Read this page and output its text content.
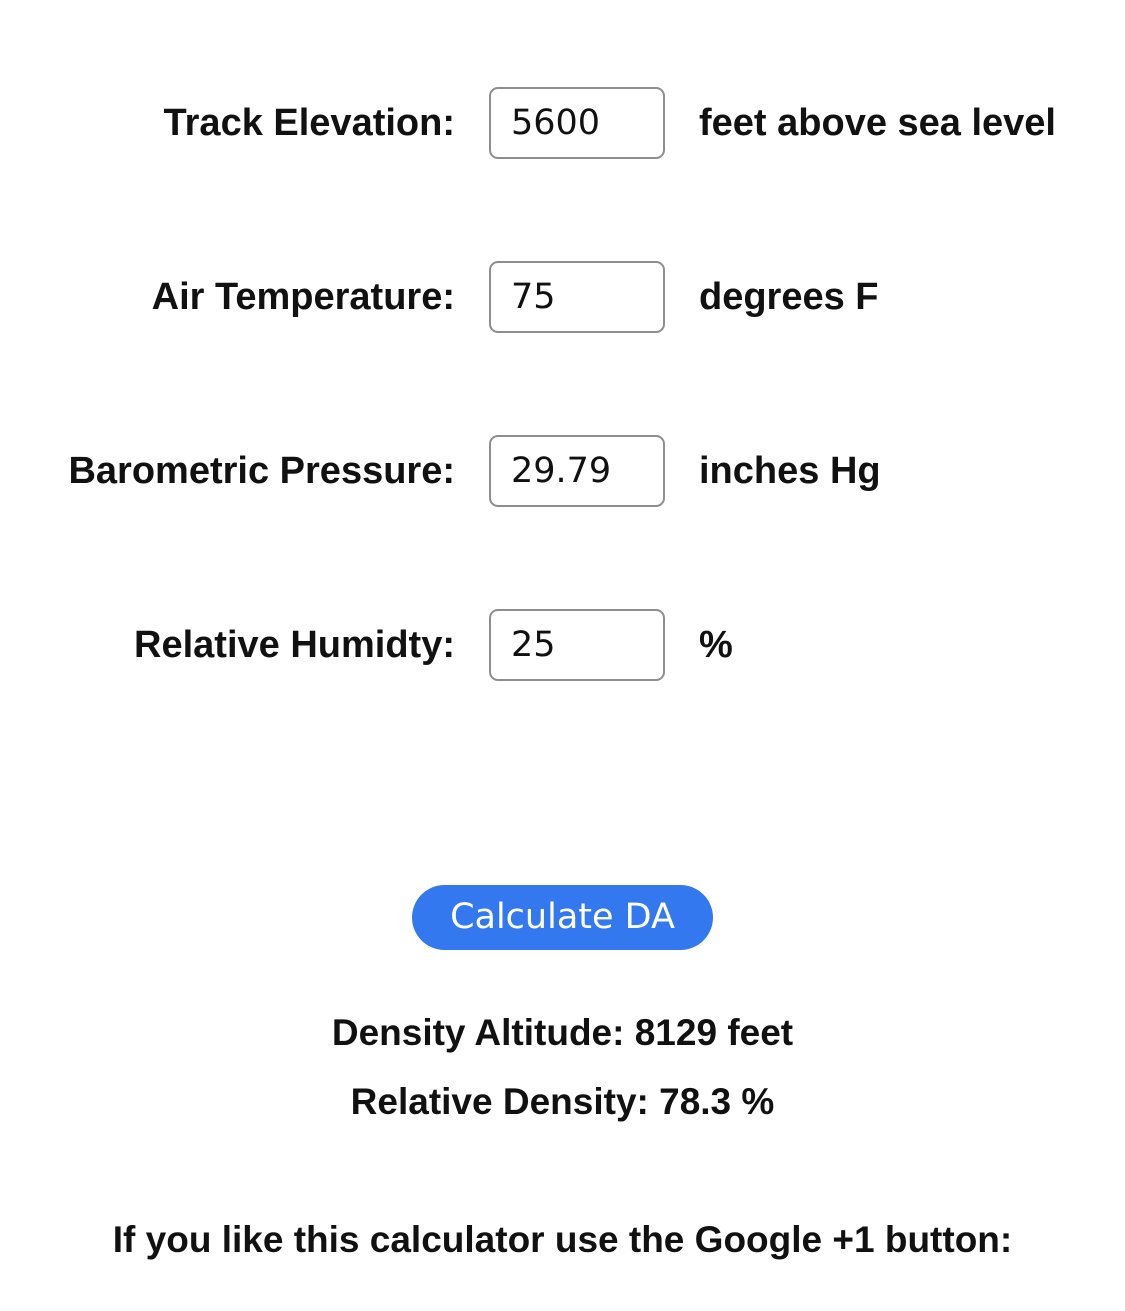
Track Elevation:
5600	feet above sea level
Air Temperature:
75	degrees F
Barometric Pressure:
29.79	inches Hg
Relative Humidty:
25	%
Calculate DA
Density Altitude: 8129 feet
Relative Density: 78.3 %
If you like this calculator use the Google +1 button:
